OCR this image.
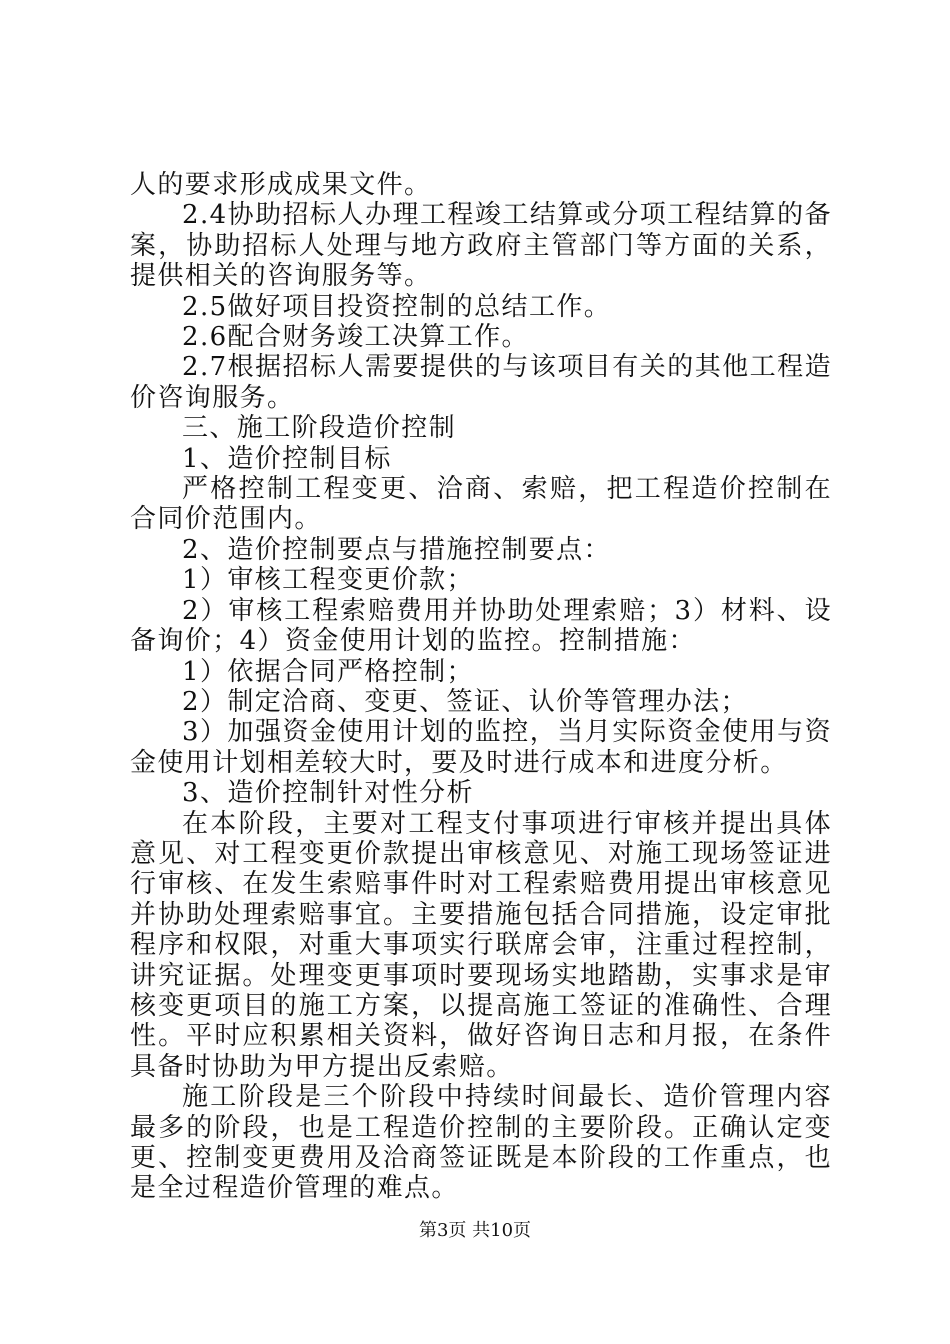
人的要求形成成果文件。

2.4协助招标人办理工程竣工结算或分项工程结算的备案，协助招标人处理与地方政府主管部门等方面的关系，提供相关的咨询服务等。

2.5做好项目投资控制的总结工作。

2.6配合财务竣工决算工作。

2.7根据招标人需要提供的与该项目有关的其他工程造价咨询服务。

三、施工阶段造价控制

1、造价控制目标

严格控制工程变更、洽商、索赔，把工程造价控制在合同价范围内。

2、造价控制要点与措施控制要点：

1）审核工程变更价款；

2）审核工程索赔费用并协助处理索赔；3）材料、设备询价；4）资金使用计划的监控。控制措施：

1）依据合同严格控制；

2）制定洽商、变更、签证、认价等管理办法；

3）加强资金使用计划的监控，当月实际资金使用与资金使用计划相差较大时，要及时进行成本和进度分析。

3、造价控制针对性分析

在本阶段，主要对工程支付事项进行审核并提出具体意见、对工程变更价款提出审核意见、对施工现场签证进行审核、在发生索赔事件时对工程索赔费用提出审核意见并协助处理索赔事宜。主要措施包括合同措施，设定审批程序和权限，对重大事项实行联席会审，注重过程控制，讲究证据。处理变更事项时要现场实地踏勘，实事求是审核变更项目的施工方案，以提高施工签证的准确性、合理性。平时应积累相关资料，做好咨询日志和月报，在条件具备时协助为甲方提出反索赔。

施工阶段是三个阶段中持续时间最长、造价管理内容最多的阶段，也是工程造价控制的主要阶段。正确认定变更、控制变更费用及洽商签证既是本阶段的工作重点，也是全过程造价管理的难点。

第3页 共10页
